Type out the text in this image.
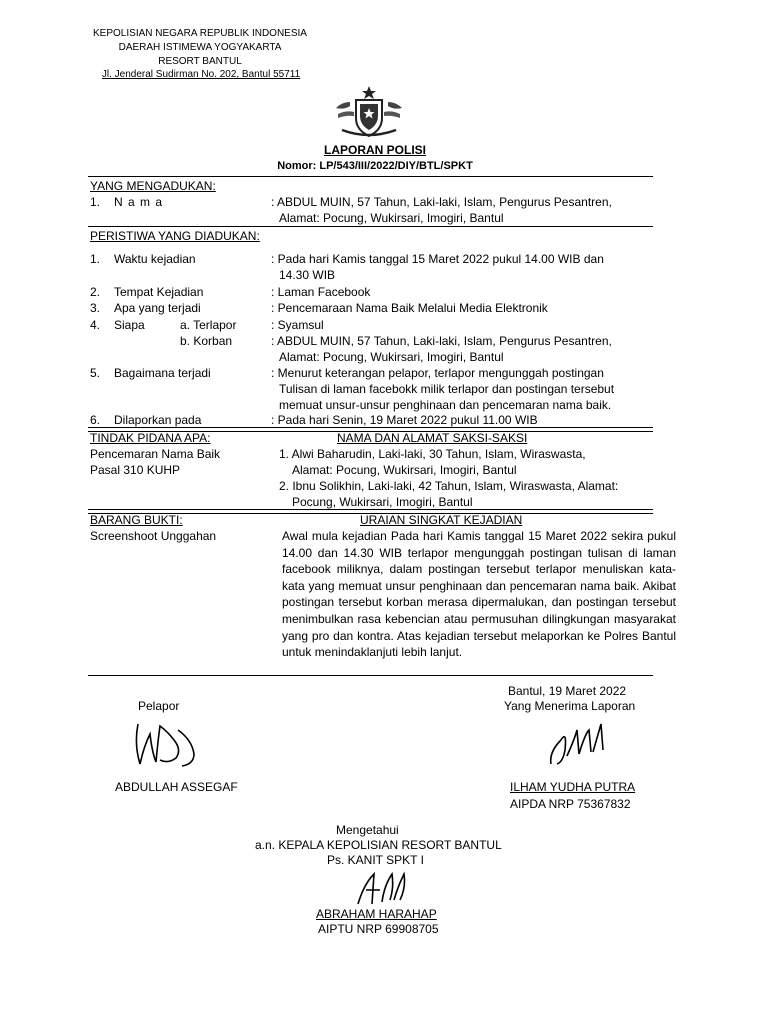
KEPOLISIAN NEGARA REPUBLIK INDONESIA
DAERAH ISTIMEWA YOGYAKARTA
RESORT BANTUL
Jl. Jenderal Sudirman No. 202, Bantul 55711
LAPORAN POLISI
Nomor: LP/543/III/2022/DIY/BTL/SPKT
YANG MENGADUKAN:
1. N a m a	: ABDUL MUIN, 57 Tahun, Laki-laki, Islam, Pengurus Pesantren,
Alamat: Pocung, Wukirsari, Imogiri, Bantul
PERISTIWA YANG DIADUKAN:
1. Waktu kejadian	: Pada hari Kamis tanggal 15 Maret 2022 pukul 14.00 WIB dan
14.30 WIB
2. Tempat Kejadian	: Laman Facebook
3. Apa yang terjadi	: Pencemaraan Nama Baik Melalui Media Elektronik
4. Siapa	a. Terlapor	: Syamsul
b. Korban	: ABDUL MUIN, 57 Tahun, Laki-laki, Islam, Pengurus Pesantren,
Alamat: Pocung, Wukirsari, Imogiri, Bantul
5. Bagaimana terjadi	: Menurut keterangan pelapor, terlapor mengunggah postingan
Tulisan di laman facebokk milik terlapor dan postingan tersebut
memuat unsur-unsur penghinaan dan pencemaran nama baik.
6. Dilaporkan pada	: Pada hari Senin, 19 Maret 2022 pukul 11.00 WIB
TINDAK PIDANA APA:	NAMA DAN ALAMAT SAKSI-SAKSI
Pencemaran Nama Baik
Pasal 310 KUHP
1. Alwi Baharudin, Laki-laki, 30 Tahun, Islam, Wiraswasta,
Alamat: Pocung, Wukirsari, Imogiri, Bantul
2. Ibnu Solikhin, Laki-laki, 42 Tahun, Islam, Wiraswasta, Alamat:
Pocung, Wukirsari, Imogiri, Bantul
BARANG BUKTI:
Screenshoot Unggahan
URAIAN SINGKAT KEJADIAN
Awal mula kejadian Pada hari Kamis tanggal 15 Maret 2022 sekira pukul 14.00 dan 14.30 WIB terlapor mengunggah postingan tulisan di laman facebook miliknya, dalam postingan tersebut terlapor menuliskan kata-kata yang memuat unsur penghinaan dan pencemaran nama baik. Akibat postingan tersebut korban merasa dipermalukan, dan postingan tersebut menimbulkan rasa kebencian atau permusuhan dilingkungan masyarakat yang pro dan kontra. Atas kejadian tersebut melaporkan ke Polres Bantul untuk menindaklanjuti lebih lanjut.
Bantul, 19 Maret 2022
Pelapor	Yang Menerima Laporan
ABDULLAH ASSEGAF	ILHAM YUDHA PUTRA
AIPDA NRP 75367832
Mengetahui
a.n. KEPALA KEPOLISIAN RESORT BANTUL
Ps. KANIT SPKT I
ABRAHAM HARAHAP
AIPTU NRP 69908705
